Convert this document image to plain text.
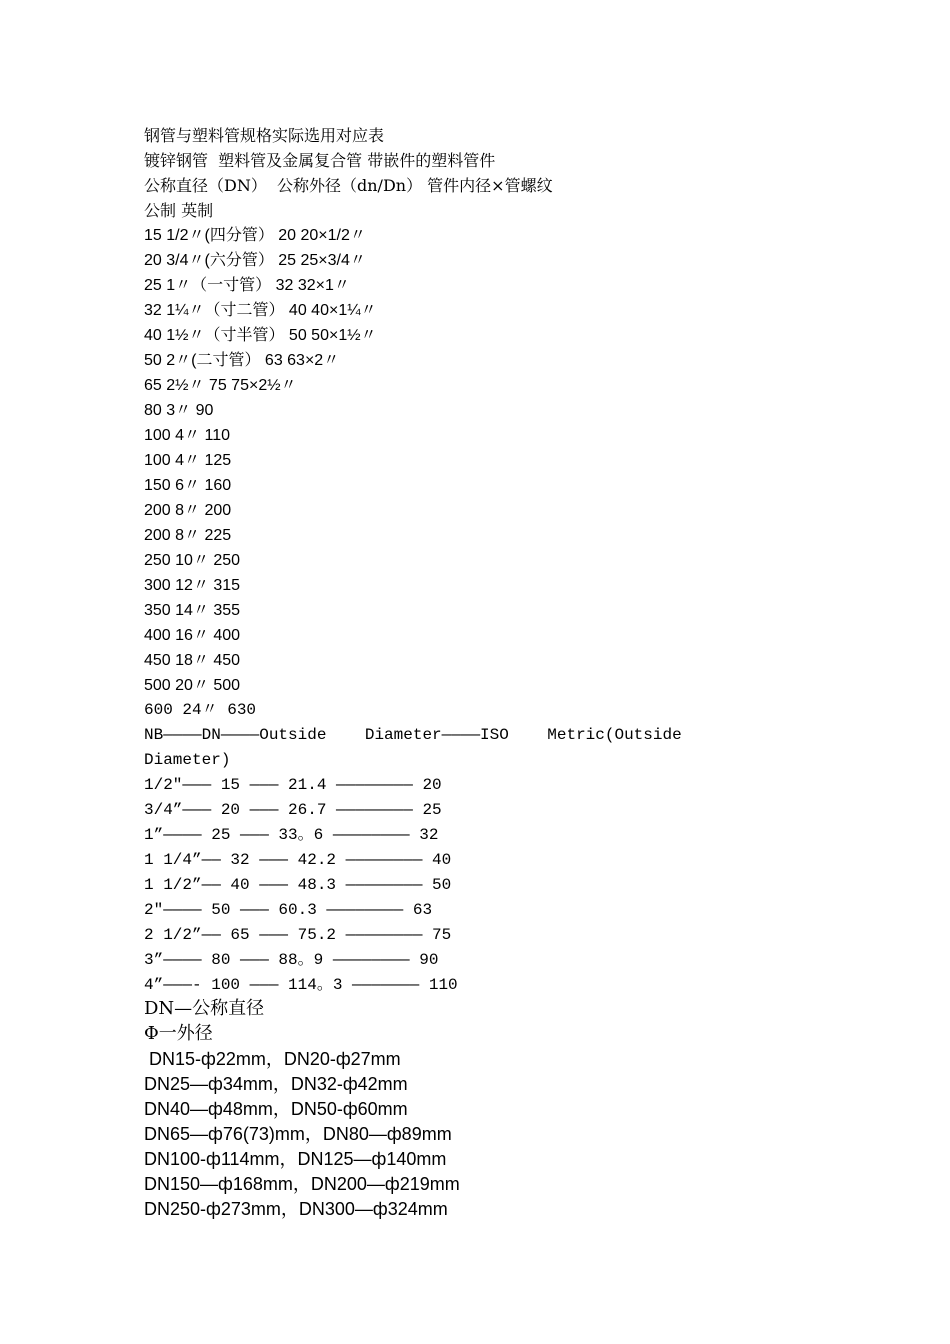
钢管与塑料管规格实际选用对应表

镀锌钢管  塑料管及金属复合管 带嵌件的塑料管件

公称直径（DN）  公称外径（dn/Dn） 管件内径×管螺纹

公制 英制

15 1/2〃(四分管） 20 20×1/2〃

20 3/4〃(六分管） 25 25×3/4〃

25 1〃（一寸管） 32 32×1〃

32 1¼〃（寸二管） 40 40×1¼〃

40 1½〃（寸半管） 50 50×1½〃

50 2〃(二寸管） 63 63×2〃

65 2½〃 75 75×2½〃

80 3〃 90

100 4〃 110

100 4〃 125

150 6〃 160

200 8〃 200

200 8〃 225

250 10〃 250

300 12〃 315

350 14〃 355

400 16〃 400

450 18〃 450

500 20〃 500

600 24〃 630

NB————DN————Outside    Diameter————ISO    Metric(Outside

Diameter)

1/2″——— 15 ——— 21.4 ———————— 20

3/4”——— 20 ——— 26.7 ———————— 25

1”———— 25 ——— 33。6 ———————— 32

1 1/4”—— 32 ——— 42.2 ———————— 40

1 1/2”—— 40 ——— 48.3 ———————— 50

2″———— 50 ——— 60.3 ———————— 63

2 1/2”—— 65 ——— 75.2 ———————— 75

3”———— 80 ——— 88。9 ———————— 90

4”———- 100 ——— 114。3 ——————— 110

DN—公称直径

Φ一外径

DN15-ф22mm，DN20-ф27mm

DN25—ф34mm，DN32-ф42mm

DN40—ф48mm，DN50-ф60mm

DN65—ф76(73)mm，DN80—ф89mm

DN100-ф114mm，DN125—ф140mm

DN150—ф168mm，DN200—ф219mm

DN250-ф273mm，DN300—ф324mm
